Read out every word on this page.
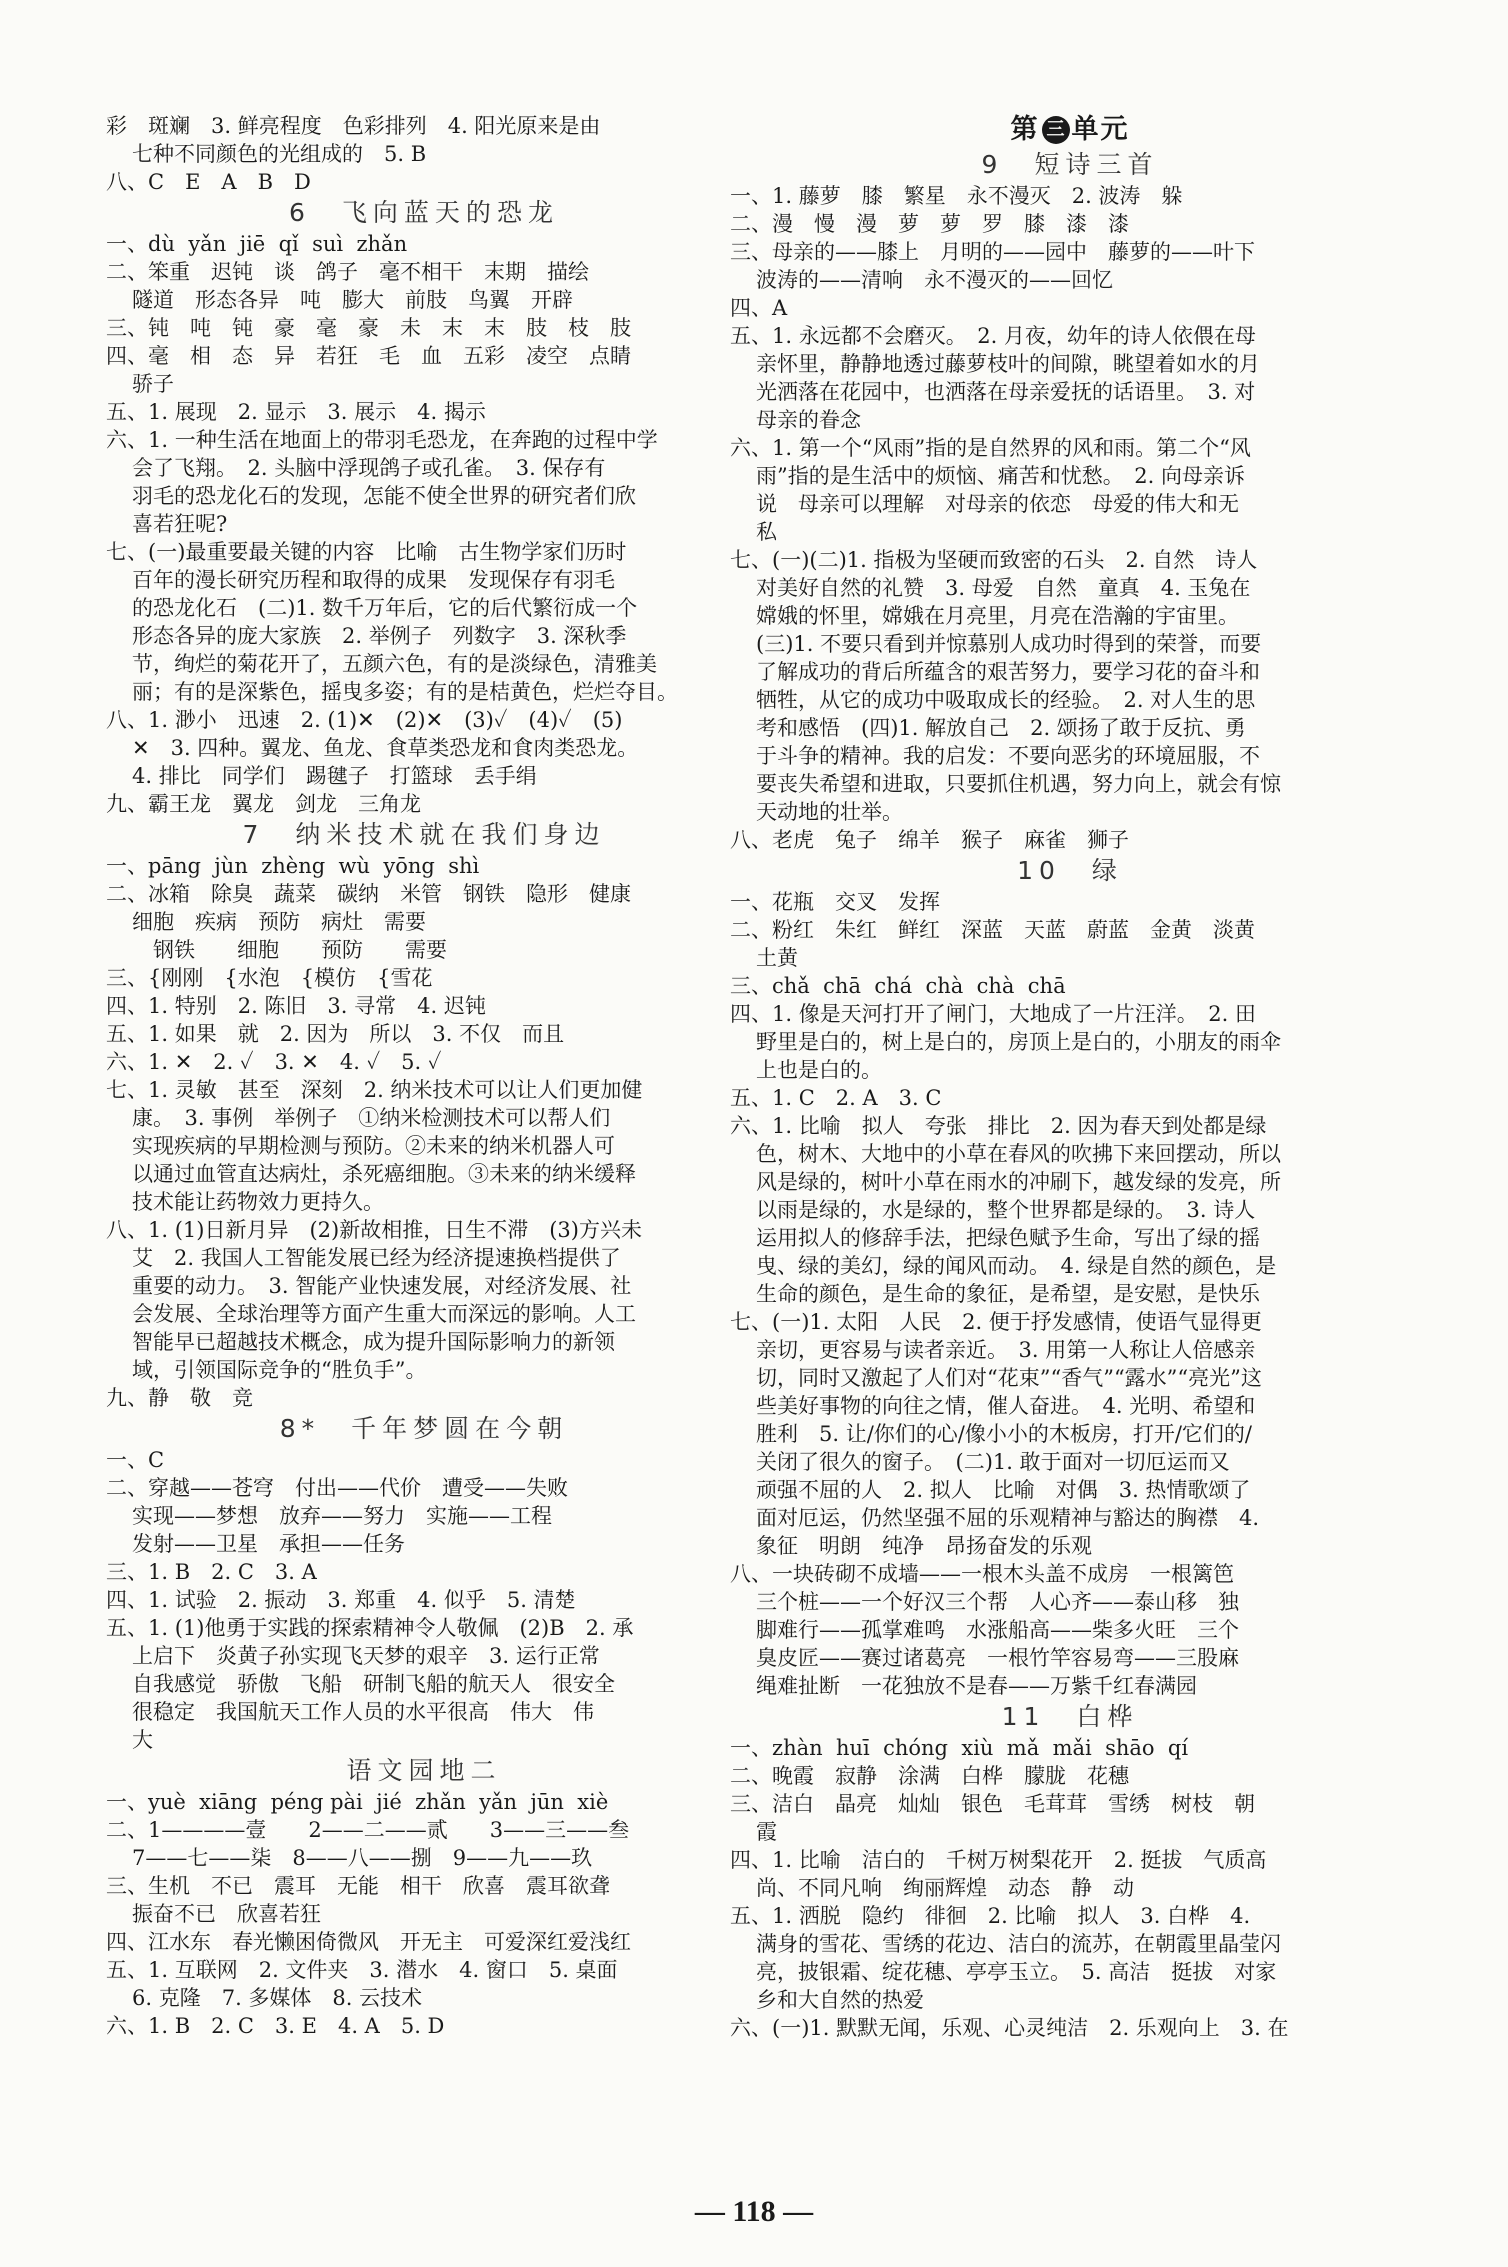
彩　斑斓　3. 鲜亮程度　色彩排列　4. 阳光原来是由
七种不同颜色的光组成的　5. B
八、C　E　A　B　D
6　飞向蓝天的恐龙
一、dù  yǎn  jiē  qǐ  suì  zhǎn
二、笨重　迟钝　谈　鸽子　毫不相干　末期　描绘
隧道　形态各异　吨　膨大　前肢　鸟翼　开辟
三、钝　吨　钝　豪　毫　豪　未　末　末　肢　枝　肢
四、毫　相　态　异　若狂　毛　血　五彩　凌空　点睛
骄子
五、1. 展现　2. 显示　3. 展示　4. 揭示
六、1. 一种生活在地面上的带羽毛恐龙，在奔跑的过程中学
会了飞翔。　2. 头脑中浮现鸽子或孔雀。　3. 保存有
羽毛的恐龙化石的发现，怎能不使全世界的研究者们欣
喜若狂呢?
七、(一)最重要最关键的内容　比喻　古生物学家们历时
百年的漫长研究历程和取得的成果　发现保存有羽毛
的恐龙化石　(二)1. 数千万年后，它的后代繁衍成一个
形态各异的庞大家族　2. 举例子　列数字　3. 深秋季
节，绚烂的菊花开了，五颜六色，有的是淡绿色，清雅美
丽；有的是深紫色，摇曳多姿；有的是桔黄色，烂烂夺目。
八、1. 渺小　迅速　2. (1)✕　(2)✕　(3)✓　(4)✓　(5)
✕　3. 四种。翼龙、鱼龙、食草类恐龙和食肉类恐龙。
4. 排比　同学们　踢毽子　打篮球　丢手绢
九、霸王龙　翼龙　剑龙　三角龙
7　纳米技术就在我们身边
一、pāng  jùn  zhèng  wù  yōng  shì
二、冰箱　除臭　蔬菜　碳纳　米管　钢铁　隐形　健康
细胞　疾病　预防　病灶　需要
　钢铁　　细胞　　预防　　需要
三、{刚刚　{水泡　{模仿　{雪花
四、1. 特别　2. 陈旧　3. 寻常　4. 迟钝
五、1. 如果　就　2. 因为　所以　3. 不仅　而且
六、1. ✕　2. ✓　3. ✕　4. ✓　5. ✓
七、1. 灵敏　甚至　深刻　2. 纳米技术可以让人们更加健
康。　3. 事例　举例子　①纳米检测技术可以帮人们
实现疾病的早期检测与预防。②未来的纳米机器人可
以通过血管直达病灶，杀死癌细胞。③未来的纳米缓释
技术能让药物效力更持久。
八、1. (1)日新月异　(2)新故相推，日生不滞　(3)方兴未
艾　2. 我国人工智能发展已经为经济提速换档提供了
重要的动力。　3. 智能产业快速发展，对经济发展、社
会发展、全球治理等方面产生重大而深远的影响。人工
智能早已超越技术概念，成为提升国际影响力的新领
域，引领国际竞争的“胜负手”。
九、静　敬　竞
8*　千年梦圆在今朝
一、C
二、穿越——苍穹　付出——代价　遭受——失败
实现——梦想　放弃——努力　实施——工程
发射——卫星　承担——任务
三、1. B　2. C　3. A
四、1. 试验　2. 振动　3. 郑重　4. 似乎　5. 清楚
五、1. (1)他勇于实践的探索精神令人敬佩　(2)B　2. 承
上启下　炎黄子孙实现飞天梦的艰辛　3. 运行正常
自我感觉　骄傲　飞船　研制飞船的航天人　很安全
很稳定　我国航天工作人员的水平很高　伟大　伟
大
语文园地二
一、yuè  xiāng  péng pài  jié  zhǎn  yǎn  jūn  xiè
二、1————壹　　2——二——贰　　3——三——叁
7——七——柒　8——八——捌　9——九——玖
三、生机　不已　震耳　无能　相干　欣喜　震耳欲聋
振奋不已　欣喜若狂
四、江水东　春光懒困倚微风　开无主　可爱深红爱浅红
五、1. 互联网　2. 文件夹　3. 潜水　4. 窗口　5. 桌面
6. 克隆　7. 多媒体　8. 云技术
六、1. B　2. C　3. E　4. A　5. D
第 三 单元
9　短诗三首
一、1. 藤萝　膝　繁星　永不漫灭　2. 波涛　躲
二、漫　慢　漫　萝　萝　罗　膝　漆　漆
三、母亲的——膝上　月明的——园中　藤萝的——叶下
波涛的——清响　永不漫灭的——回忆
四、A
五、1. 永远都不会磨灭。　2. 月夜，幼年的诗人依偎在母
亲怀里，静静地透过藤萝枝叶的间隙，眺望着如水的月
光洒落在花园中，也洒落在母亲爱抚的话语里。　3. 对
母亲的眷念
六、1. 第一个“风雨”指的是自然界的风和雨。第二个“风
雨”指的是生活中的烦恼、痛苦和忧愁。　2. 向母亲诉
说　母亲可以理解　对母亲的依恋　母爱的伟大和无
私
七、(一)(二)1. 指极为坚硬而致密的石头　2. 自然　诗人
对美好自然的礼赞　3. 母爱　自然　童真　4. 玉兔在
嫦娥的怀里，嫦娥在月亮里，月亮在浩瀚的宇宙里。
(三)1. 不要只看到并惊慕别人成功时得到的荣誉，而要
了解成功的背后所蕴含的艰苦努力，要学习花的奋斗和
牺牲，从它的成功中吸取成长的经验。　2. 对人生的思
考和感悟　(四)1. 解放自己　2. 颂扬了敢于反抗、勇
于斗争的精神。我的启发：不要向恶劣的环境屈服，不
要丧失希望和进取，只要抓住机遇，努力向上，就会有惊
天动地的壮举。
八、老虎　兔子　绵羊　猴子　麻雀　狮子
10　绿
一、花瓶　交叉　发挥
二、粉红　朱红　鲜红　深蓝　天蓝　蔚蓝　金黄　淡黄
土黄
三、chǎ  chā  chá  chà  chà  chā
四、1. 像是天河打开了闸门，大地成了一片汪洋。　2. 田
野里是白的，树上是白的，房顶上是白的，小朋友的雨伞
上也是白的。
五、1. C　2. A　3. C
六、1. 比喻　拟人　夸张　排比　2. 因为春天到处都是绿
色，树木、大地中的小草在春风的吹拂下来回摆动，所以
风是绿的，树叶小草在雨水的冲刷下，越发绿的发亮，所
以雨是绿的，水是绿的，整个世界都是绿的。　3. 诗人
运用拟人的修辞手法，把绿色赋予生命，写出了绿的摇
曳、绿的美幻，绿的闻风而动。　4. 绿是自然的颜色，是
生命的颜色，是生命的象征，是希望，是安慰，是快乐
七、(一)1. 太阳　人民　2. 便于抒发感情，使语气显得更
亲切，更容易与读者亲近。　3. 用第一人称让人倍感亲
切，同时又激起了人们对“花束”“香气”“露水”“亮光”这
些美好事物的向往之情，催人奋进。　4. 光明、希望和
胜利　5. 让/你们的心/像小小的木板房，打开/它们的/
关闭了很久的窗子。　(二)1. 敢于面对一切厄运而又
顽强不屈的人　2. 拟人　比喻　对偶　3. 热情歌颂了
面对厄运，仍然坚强不屈的乐观精神与豁达的胸襟　4.
象征　明朗　纯净　昂扬奋发的乐观
八、一块砖砌不成墙——一根木头盖不成房　一根篱笆
三个桩——一个好汉三个帮　人心齐——泰山移　独
脚难行——孤掌难鸣　水涨船高——柴多火旺　三个
臭皮匠——赛过诸葛亮　一根竹竿容易弯——三股麻
绳难扯断　一花独放不是春——万紫千红春满园
11　白桦
一、zhàn  huī  chóng  xiù  mǎ  mǎi  shāo  qí
二、晚霞　寂静　涂满　白桦　朦胧　花穗
三、洁白　晶亮　灿灿　银色　毛茸茸　雪绣　树枝　朝
霞
四、1. 比喻　洁白的　千树万树梨花开　2. 挺拔　气质高
尚、不同凡响　绚丽辉煌　动态　静　动
五、1. 洒脱　隐约　徘徊　2. 比喻　拟人　3. 白桦　4.
满身的雪花、雪绣的花边、洁白的流苏，在朝霞里晶莹闪
亮，披银霜、绽花穗、亭亭玉立。　5. 高洁　挺拔　对家
乡和大自然的热爱
六、(一)1. 默默无闻，乐观、心灵纯洁　2. 乐观向上　3. 在
— 118 —
